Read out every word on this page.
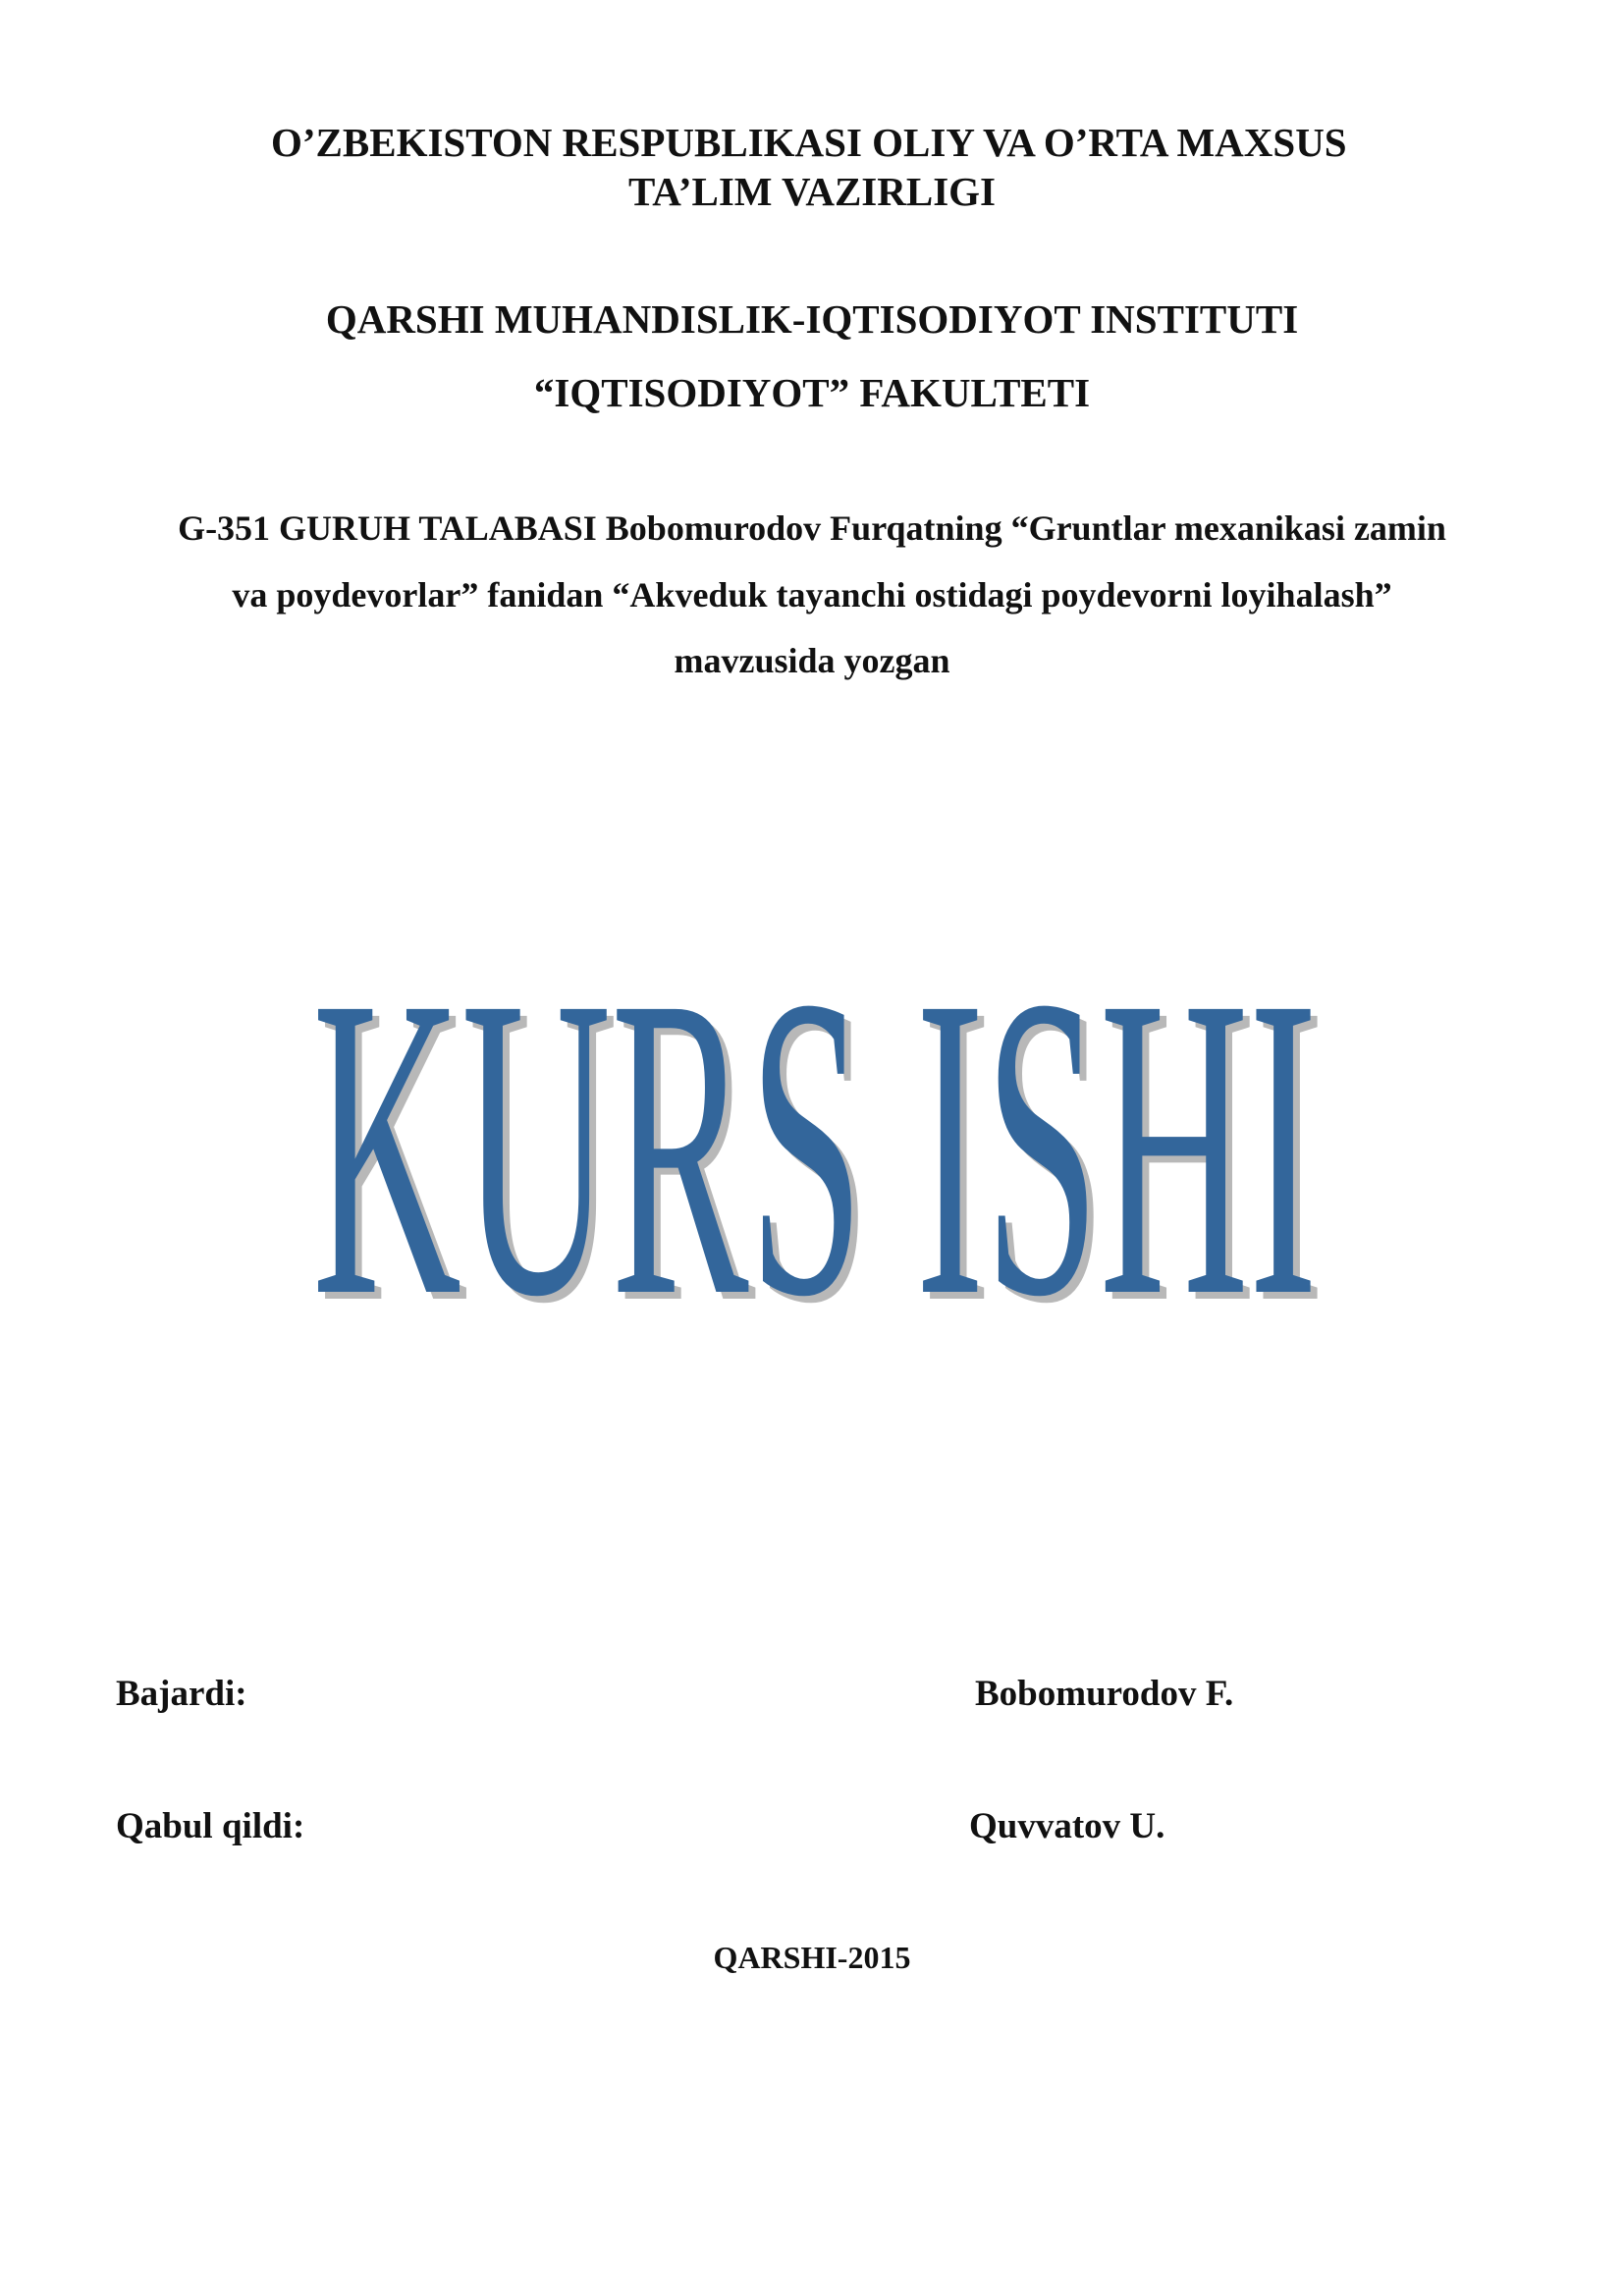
O’ZBEKISTON RESPUBLIKASI OLIY VA O’RTA MAXSUS
TA’LIM VAZIRLIGI
QARSHI MUHANDISLIK-IQTISODIYOT INSTITUTI
“IQTISODIYOT” FAKULTETI
G-351 GURUH TALABASI Bobomurodov Furqatning “Gruntlar mexanikasi zamin
va poydevorlar” fanidan “Akveduk tayanchi ostidagi poydevorni loyihalash”
mavzusida yozgan
KURS ISHI
KURS ISHI
Bajardi:	Bobomurodov F.
Qabul qildi:	Quvvatov U.
QARSHI-2015
